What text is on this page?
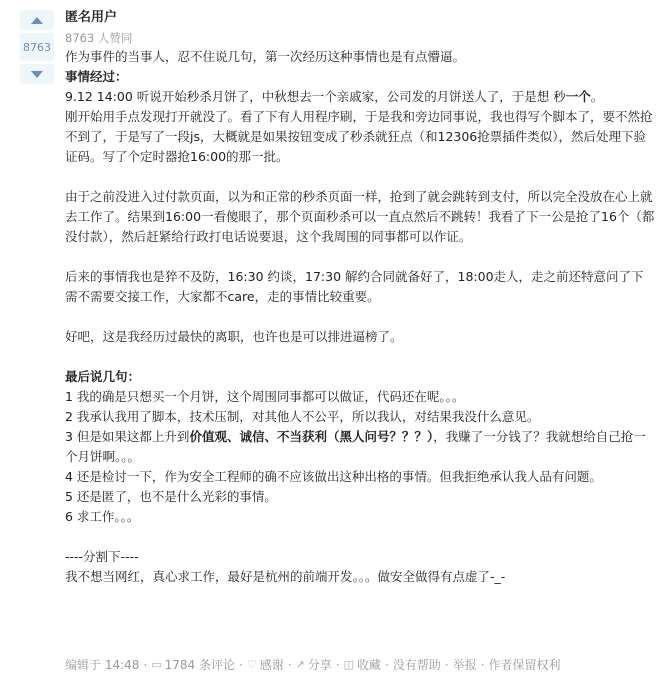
8763
匿名用户
8763 人赞同

作为事件的当事人，忍不住说几句，第一次经历这种事情也是有点懵逼。

事情经过：

9.12 14:00 听说开始秒杀月饼了，中秋想去一个亲戚家，公司发的月饼送人了，于是想 秒一个。

刚开始用手点发现打开就没了。看了下有人用程序刷，于是我和旁边同事说，我也得写个脚本了，要不然抢不到了，于是写了一段js，大概就是如果按钮变成了秒杀就狂点（和12306抢票插件类似），然后处理下验证码。写了个定时器抢16:00的那一批。

由于之前没进入过付款页面，以为和正常的秒杀页面一样，抢到了就会跳转到支付，所以完全没放在心上就去工作了。结果到16:00一看傻眼了，那个页面秒杀可以一直点然后不跳转！我看了下一公是抢了16个（都没付款），然后赶紧给行政打电话说要退，这个我周围的同事都可以作证。

后来的事情我也是猝不及防，16:30 约谈，17:30 解约合同就备好了，18:00走人，走之前还特意问了下需不需要交接工作，大家都不care，走的事情比较重要。

好吧，这是我经历过最快的离职，也许也是可以排进逼榜了。

最后说几句：

1 我的确是只想买一个月饼，这个周围同事都可以做证，代码还在呢。。。

2 我承认我用了脚本，技术压制，对其他人不公平，所以我认，对结果我没什么意见。

3 但是如果这都上升到价值观、诚信、不当获利（黑人问号？？？），我赚了一分钱了？我就想给自己抢一个月饼啊。。。

4 还是检讨一下，作为安全工程师的确不应该做出这种出格的事情。但我拒绝承认我人品有问题。

5 还是匿了，也不是什么光彩的事情。

6 求工作。。。

----分割下----

我不想当网红，真心求工作，最好是杭州的前端开发。。。做安全做得有点虚了-_-

编辑于 14:48 · ▭ 1784 条评论 · ♡ 感谢 · ↗ 分享 · ◫ 收藏 · 没有帮助 · 举报 · 作者保留权利
